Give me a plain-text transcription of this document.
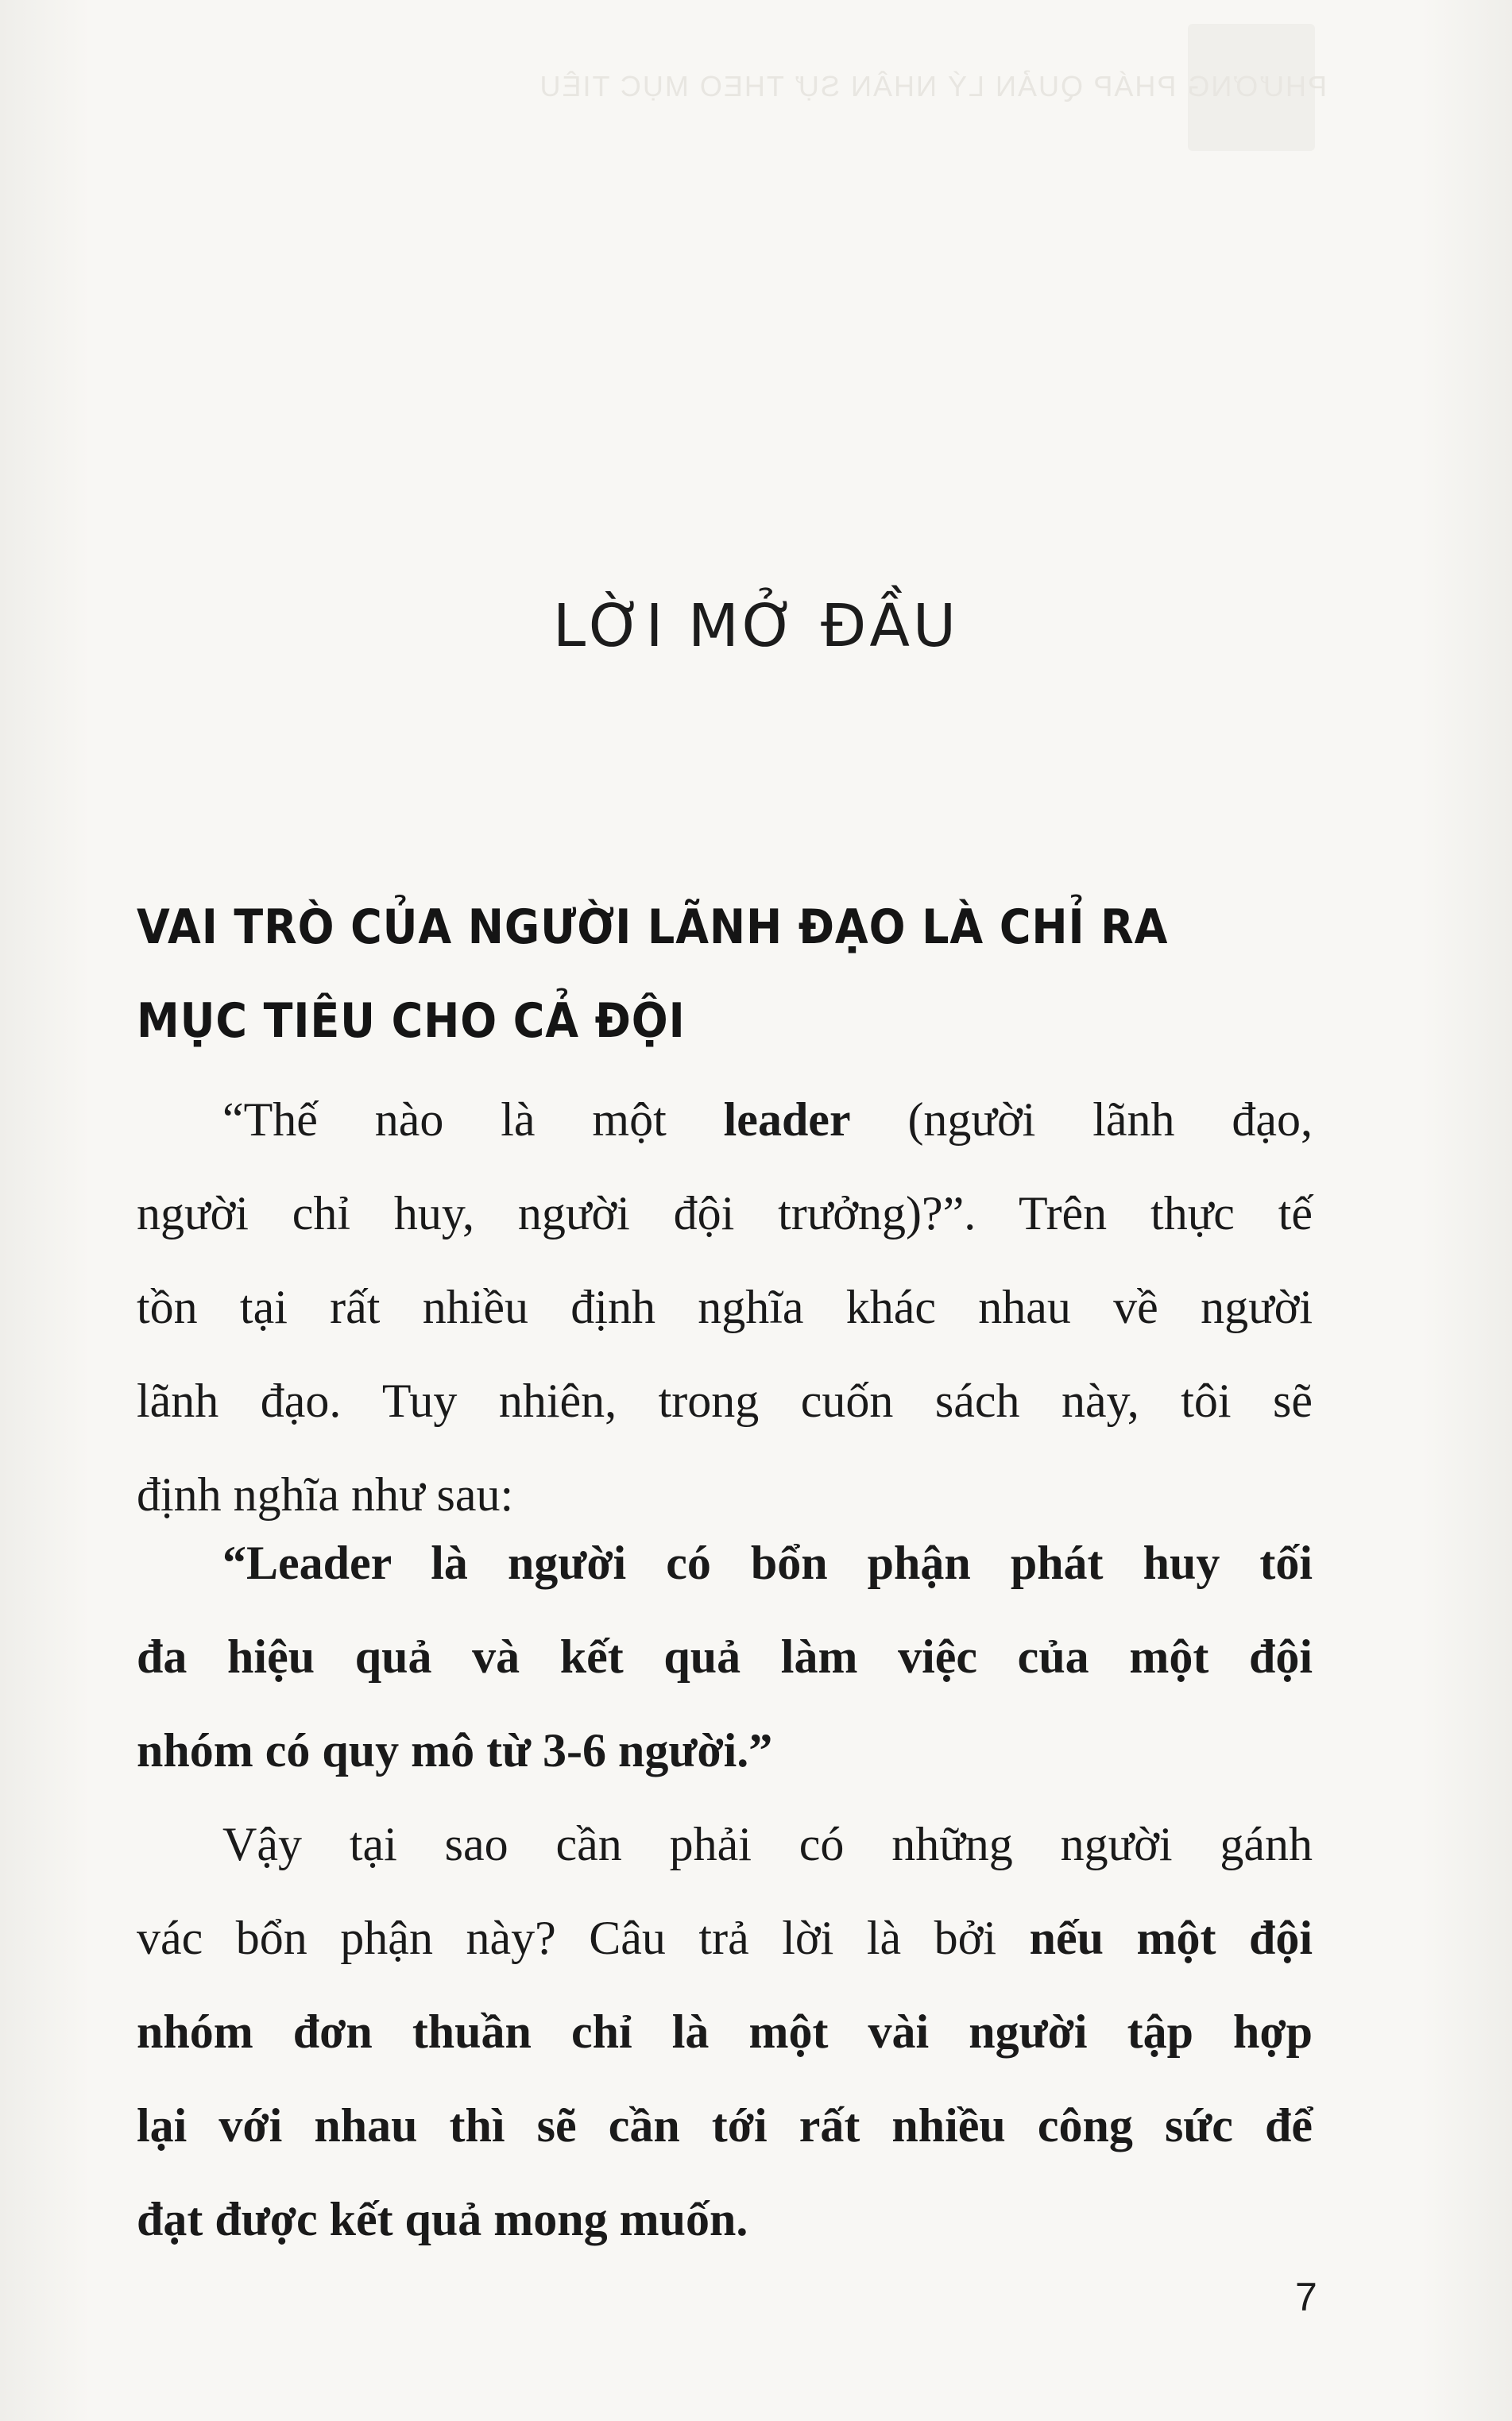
PHƯƠNG PHÁP QUẢN LÝ NHÂN SỰ THEO MỤC TIÊU
LỜI MỞ ĐẦU
VAI TRÒ CỦA NGƯỜI LÃNH ĐẠO LÀ CHỈ RA
MỤC TIÊU CHO CẢ ĐỘI
“Thế nào là một leader (người lãnh đạo,
người chỉ huy, người đội trưởng)?”. Trên thực tế
tồn tại rất nhiều định nghĩa khác nhau về người
lãnh đạo. Tuy nhiên, trong cuốn sách này, tôi sẽ
định nghĩa như sau:
“Leader là người có bổn phận phát huy tối
đa hiệu quả và kết quả làm việc của một đội
nhóm có quy mô từ 3-6 người.”
Vậy tại sao cần phải có những người gánh
vác bổn phận này? Câu trả lời là bởi nếu một đội
nhóm đơn thuần chỉ là một vài người tập hợp
lại với nhau thì sẽ cần tới rất nhiều công sức để
đạt được kết quả mong muốn.
7
